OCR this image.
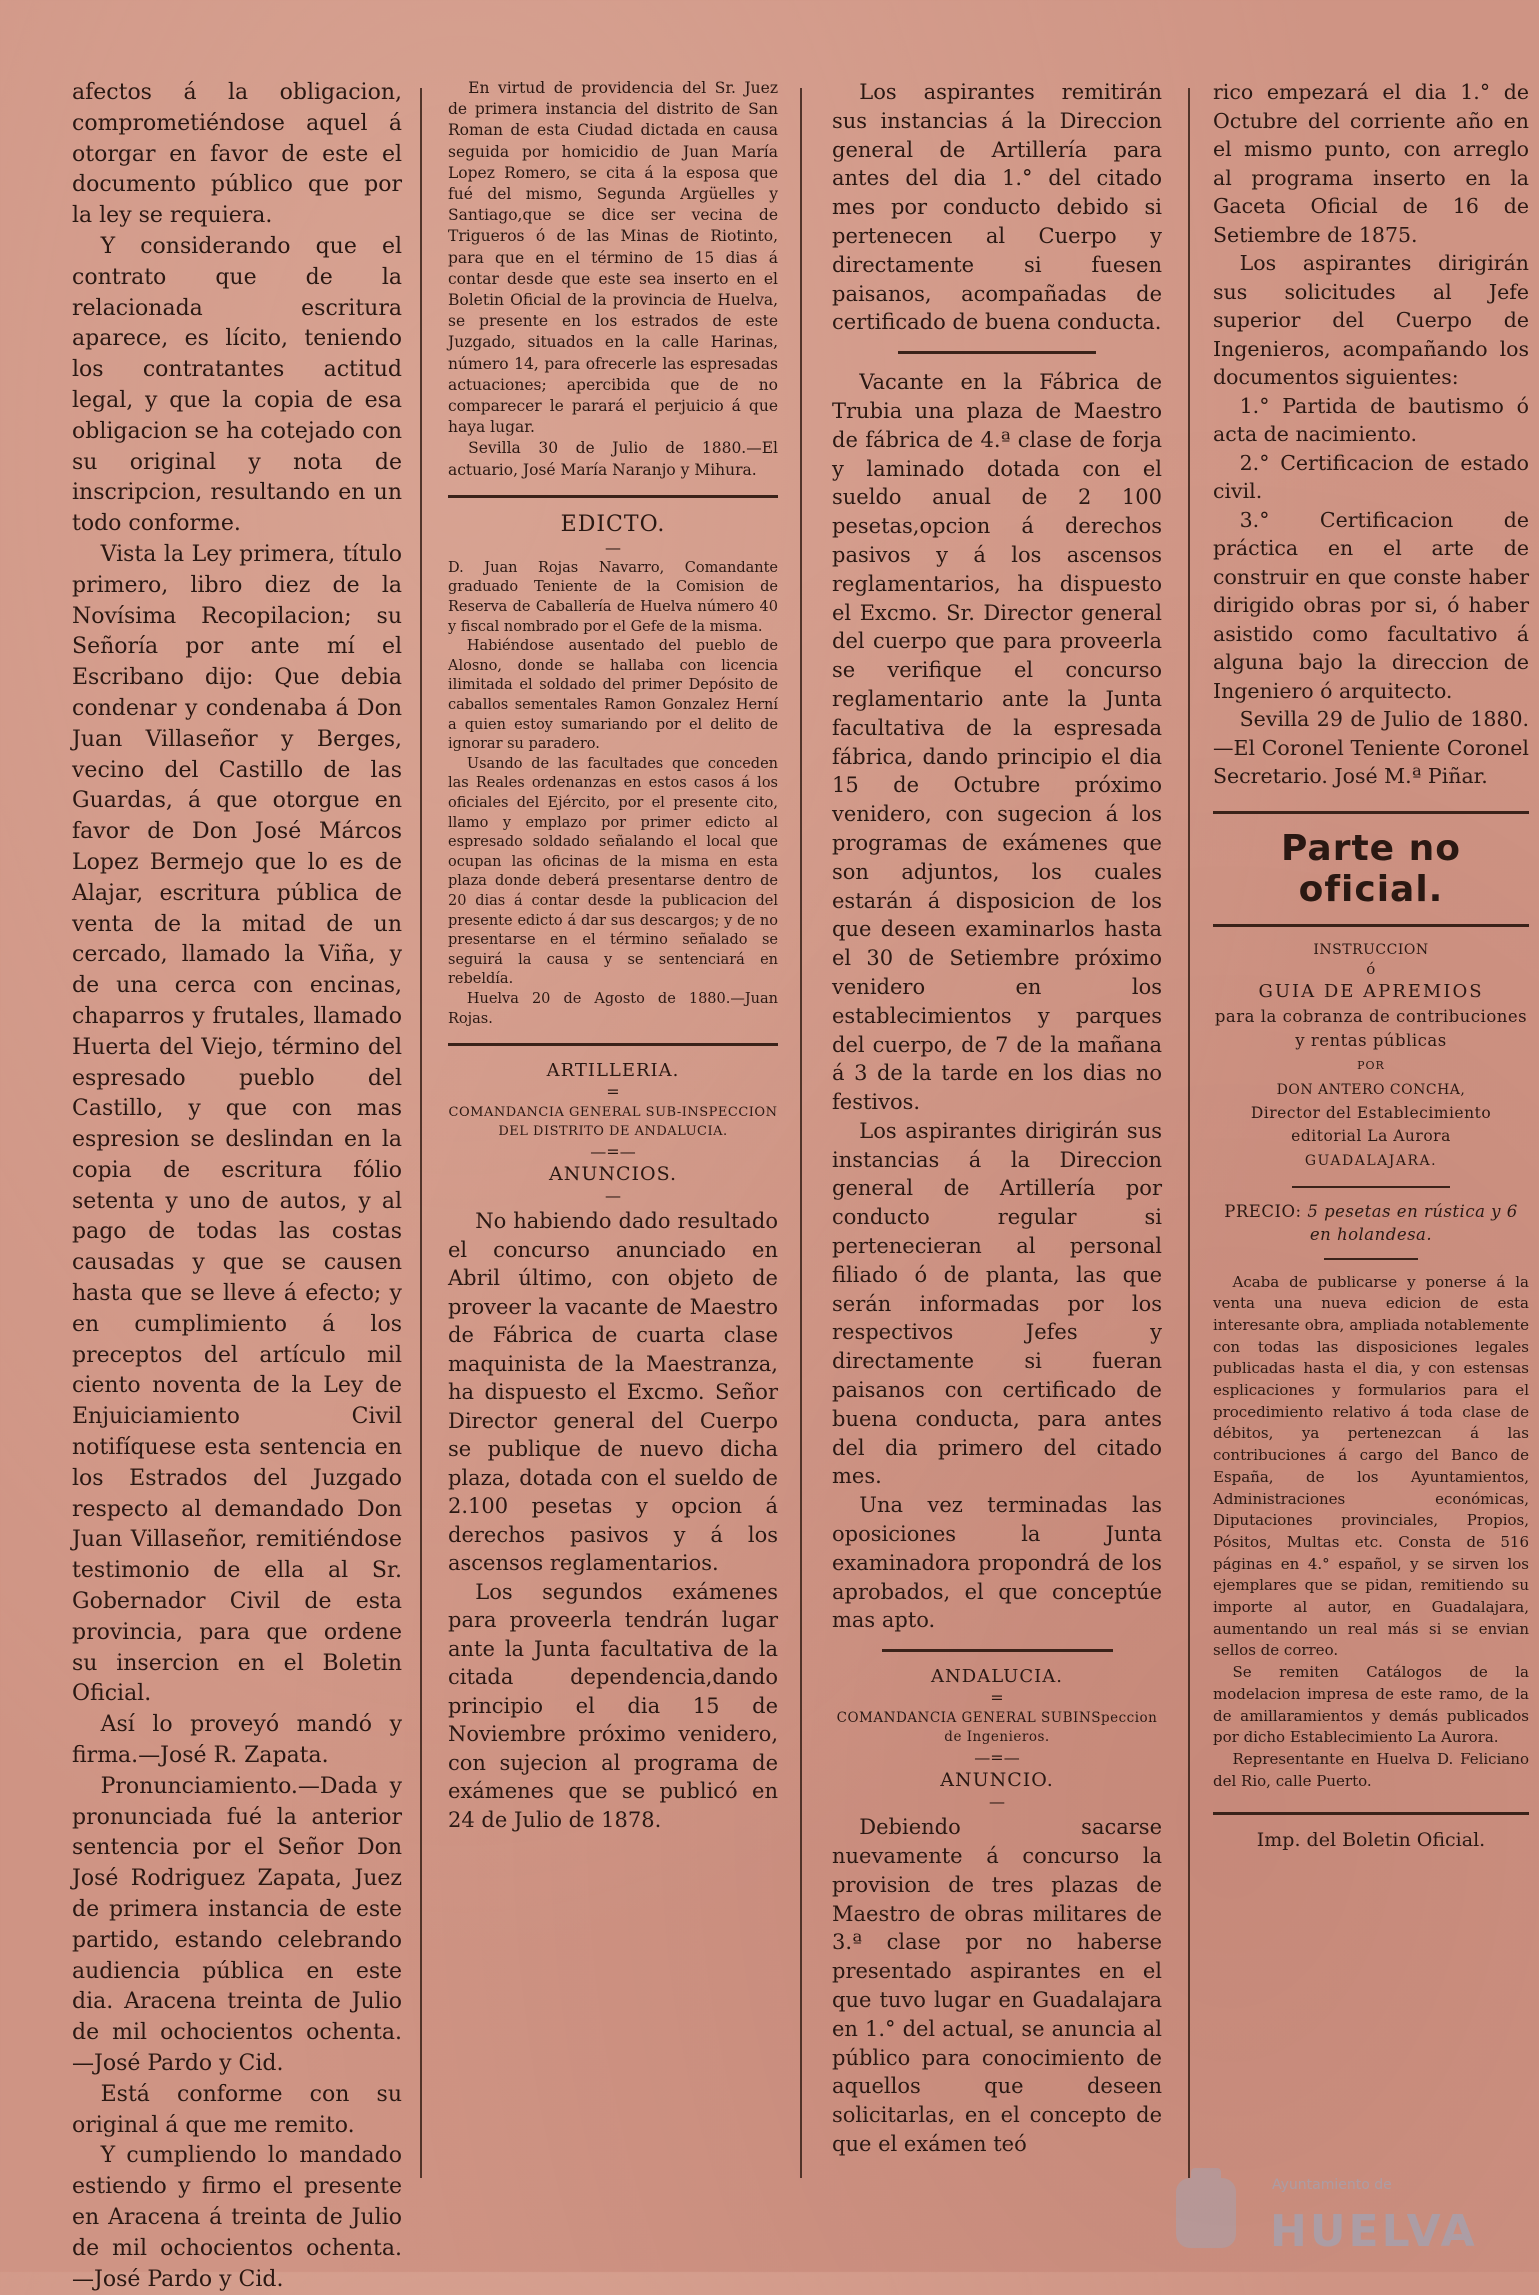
afectos á la obligacion, comprometiéndose aquel á otorgar en favor de este el documento público que por la ley se requiera.

Y considerando que el contrato que de la relacionada escritura aparece, es lícito, teniendo los contratantes actitud legal, y que la copia de esa obligacion se ha cotejado con su original y nota de inscripcion, resultando en un todo conforme.

Vista la Ley primera, título primero, libro diez de la Novísima Recopilacion; su Señoría por ante mí el Escribano dijo: Que debia condenar y condenaba á Don Juan Villaseñor y Berges, vecino del Castillo de las Guardas, á que otorgue en favor de Don José Márcos Lopez Bermejo que lo es de Alajar, escritura pública de venta de la mitad de un cercado, llamado la Viña, y de una cerca con encinas, chaparros y frutales, llamado Huerta del Viejo, término del espresado pueblo del Castillo, y que con mas espresion se deslindan en la copia de escritura fólio setenta y uno de autos, y al pago de todas las costas causadas y que se causen hasta que se lleve á efecto; y en cumplimiento á los preceptos del artículo mil ciento noventa de la Ley de Enjuiciamiento Civil notifíquese esta sentencia en los Estrados del Juzgado respecto al demandado Don Juan Villaseñor, remitiéndose testimonio de ella al Sr. Gobernador Civil de esta provincia, para que ordene su insercion en el Boletin Oficial.

Así lo proveyó mandó y firma.—José R. Zapata.

Pronunciamiento.—Dada y pronunciada fué la anterior sentencia por el Señor Don José Rodriguez Zapata, Juez de primera instancia de este partido, estando celebrando audiencia pública en este dia. Aracena treinta de Julio de mil ochocientos ochenta.—José Pardo y Cid.

Está conforme con su original á que me remito.

Y cumpliendo lo mandado estiendo y firmo el presente en Aracena á treinta de Julio de mil ochocientos ochenta.—José Pardo y Cid.

En virtud de providencia del Sr. Juez de primera instancia del distrito de San Roman de esta Ciudad dictada en causa seguida por homicidio de Juan María Lopez Romero, se cita á la esposa que fué del mismo, Segunda Argüelles y Santiago,que se dice ser vecina de Trigueros ó de las Minas de Riotinto, para que en el término de 15 dias á contar desde que este sea inserto en el Boletin Oficial de la provincia de Huelva, se presente en los estrados de este Juzgado, situados en la calle Harinas, número 14, para ofrecerle las espresadas actuaciones; apercibida que de no comparecer le parará el perjuicio á que haya lugar.

Sevilla 30 de Julio de 1880.—El actuario, José María Naranjo y Mihura.

EDICTO.

—

D. Juan Rojas Navarro, Comandante graduado Teniente de la Comision de Reserva de Caballería de Huelva número 40 y fiscal nombrado por el Gefe de la misma.

Habiéndose ausentado del pueblo de Alosno, donde se hallaba con licencia ilimitada el soldado del primer Depósito de caballos sementales Ramon Gonzalez Herní a quien estoy sumariando por el delito de ignorar su paradero.

Usando de las facultades que conceden las Reales ordenanzas en estos casos á los oficiales del Ejército, por el presente cito, llamo y emplazo por primer edicto al espresado soldado señalando el local que ocupan las oficinas de la misma en esta plaza donde deberá presentarse dentro de 20 dias á contar desde la publicacion del presente edicto á dar sus descargos; y de no presentarse en el término señalado se seguirá la causa y se sentenciará en rebeldía.

Huelva 20 de Agosto de 1880.—Juan Rojas.

ARTILLERIA.

=

COMANDANCIA GENERAL SUB-INSPECCION DEL DISTRITO DE ANDALUCIA.

—=—

ANUNCIOS.

—

No habiendo dado resultado el concurso anunciado en Abril último, con objeto de proveer la vacante de Maestro de Fábrica de cuarta clase maquinista de la Maestranza, ha dispuesto el Excmo. Señor Director general del Cuerpo se publique de nuevo dicha plaza, dotada con el sueldo de 2.100 pesetas y opcion á derechos pasivos y á los ascensos reglamentarios.

Los segundos exámenes para proveerla tendrán lugar ante la Junta facultativa de la citada dependencia,dando principio el dia 15 de Noviembre próximo venidero, con sujecion al programa de exámenes que se publicó en 24 de Julio de 1878.

Los aspirantes remitirán sus instancias á la Direccion general de Artillería para antes del dia 1.° del citado mes por conducto debido si pertenecen al Cuerpo y directamente si fuesen paisanos, acompañadas de certificado de buena conducta.

Vacante en la Fábrica de Trubia una plaza de Maestro de fábrica de 4.ª clase de forja y laminado dotada con el sueldo anual de 2 100 pesetas,opcion á derechos pasivos y á los ascensos reglamentarios, ha dispuesto el Excmo. Sr. Director general del cuerpo que para proveerla se verifique el concurso reglamentario ante la Junta facultativa de la espresada fábrica, dando principio el dia 15 de Octubre próximo venidero, con sugecion á los programas de exámenes que son adjuntos, los cuales estarán á disposicion de los que deseen examinarlos hasta el 30 de Setiembre próximo venidero en los establecimientos y parques del cuerpo, de 7 de la mañana á 3 de la tarde en los dias no festivos.

Los aspirantes dirigirán sus instancias á la Direccion general de Artillería por conducto regular si pertenecieran al personal filiado ó de planta, las que serán informadas por los respectivos Jefes y directamente si fueran paisanos con certificado de buena conducta, para antes del dia primero del citado mes.

Una vez terminadas las oposiciones la Junta examinadora propondrá de los aprobados, el que conceptúe mas apto.

ANDALUCIA.

=

COMANDANCIA GENERAL SUBINSpeccion de Ingenieros.

—=—

ANUNCIO.

—

Debiendo sacarse nuevamente á concurso la provision de tres plazas de Maestro de obras militares de 3.ª clase por no haberse presentado aspirantes en el que tuvo lugar en Guadalajara en 1.° del actual, se anuncia al público para conocimiento de aquellos que deseen solicitarlas, en el concepto de que el exámen teó

rico empezará el dia 1.° de Octubre del corriente año en el mismo punto, con arreglo al programa inserto en la Gaceta Oficial de 16 de Setiembre de 1875.

Los aspirantes dirigirán sus solicitudes al Jefe superior del Cuerpo de Ingenieros, acompañando los documentos siguientes:

1.° Partida de bautismo ó acta de nacimiento.

2.° Certificacion de estado civil.

3.° Certificacion de práctica en el arte de construir en que conste haber dirigido obras por si, ó haber asistido como facultativo á alguna bajo la direccion de Ingeniero ó arquitecto.

Sevilla 29 de Julio de 1880. —El Coronel Teniente Coronel Secretario. José M.ª Piñar.

Parte no oficial.

INSTRUCCION

ó

GUIA DE APREMIOS

para la cobranza de contribuciones

y rentas públicas

POR

DON ANTERO CONCHA,

Director del Establecimiento editorial La Aurora

GUADALAJARA.

PRECIO: 5 pesetas en rústica y 6 en holandesa.

Acaba de publicarse y ponerse á la venta una nueva edicion de esta interesante obra, ampliada notablemente con todas las disposiciones legales publicadas hasta el dia, y con estensas esplicaciones y formularios para el procedimiento relativo á toda clase de débitos, ya pertenezcan á las contribuciones á cargo del Banco de España, de los Ayuntamientos, Administraciones económicas, Diputaciones provinciales, Propios, Pósitos, Multas etc. Consta de 516 páginas en 4.° español, y se sirven los ejemplares que se pidan, remitiendo su importe al autor, en Guadalajara, aumentando un real más si se envian sellos de correo.

Se remiten Catálogos de la modelacion impresa de este ramo, de la de amillaramientos y demás publicados por dicho Establecimiento La Aurora.

Representante en Huelva D. Feliciano del Rio, calle Puerto.

Imp. del Boletin Oficial.

Ayuntamiento de
HUELVA
